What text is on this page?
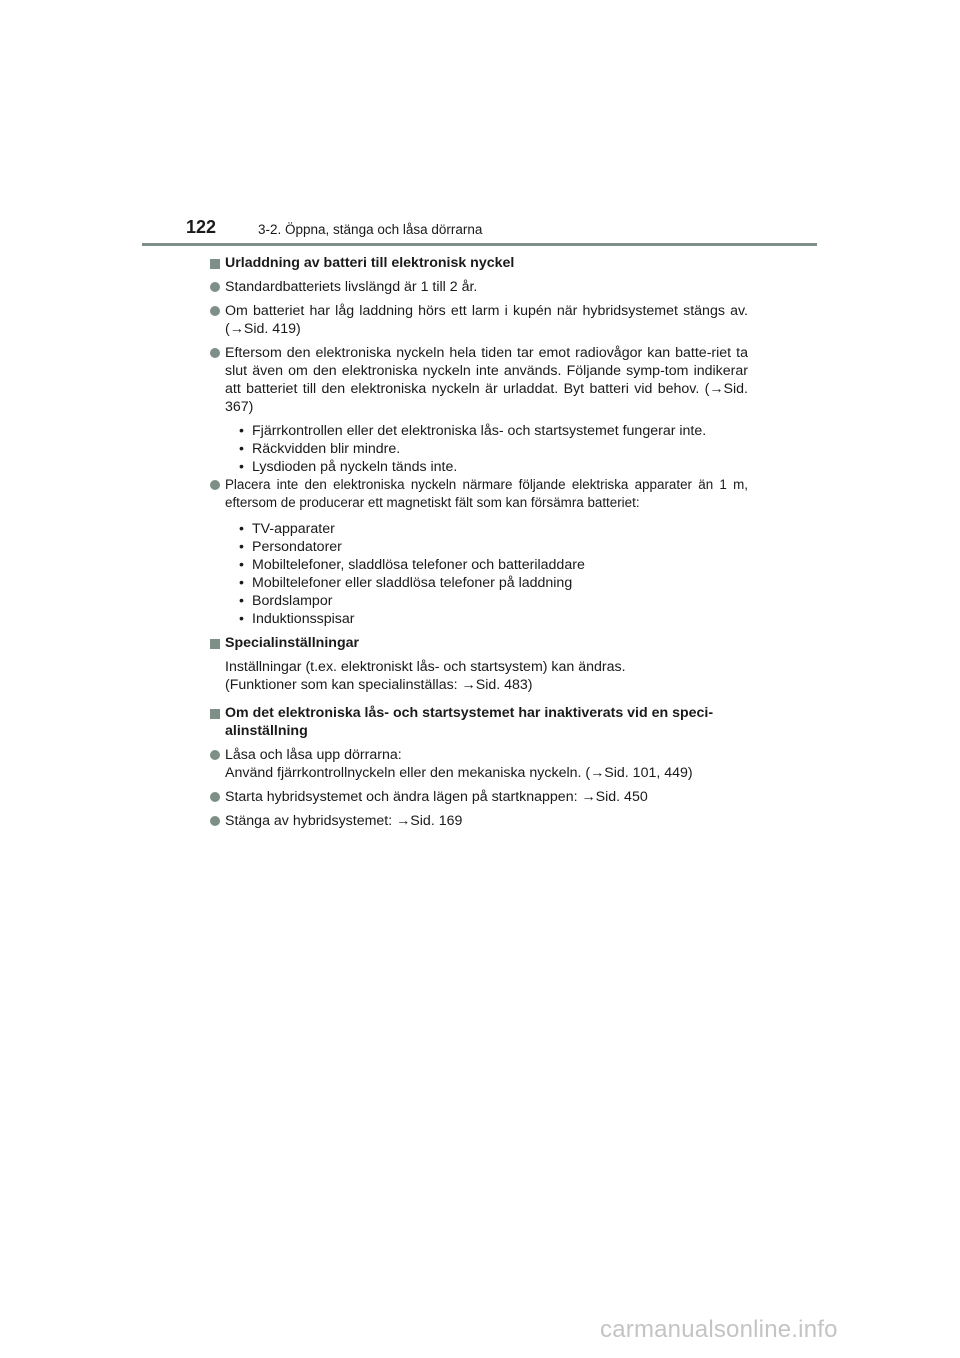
122	3-2. Öppna, stänga och låsa dörrarna
Urladdning av batteri till elektronisk nyckel
Standardbatteriets livslängd är 1 till 2 år.
Om batteriet har låg laddning hörs ett larm i kupén när hybridsystemet stängs av. (→Sid. 419)
Eftersom den elektroniska nyckeln hela tiden tar emot radiovågor kan batte-riet ta slut även om den elektroniska nyckeln inte används. Följande symp-tom indikerar att batteriet till den elektroniska nyckeln är urladdat. Byt batteri vid behov. (→Sid. 367)
• Fjärrkontrollen eller det elektroniska lås- och startsystemet fungerar inte.
• Räckvidden blir mindre.
• Lysdioden på nyckeln tänds inte.
Placera inte den elektroniska nyckeln närmare följande elektriska apparater än 1 m, eftersom de producerar ett magnetiskt fält som kan försämra batteriet:
• TV-apparater
• Persondatorer
• Mobiltelefoner, sladdlösa telefoner och batteriladdare
• Mobiltelefoner eller sladdlösa telefoner på laddning
• Bordslampor
• Induktionsspisar
Specialinställningar
Inställningar (t.ex. elektroniskt lås- och startsystem) kan ändras.
(Funktioner som kan specialinställas: →Sid. 483)
Om det elektroniska lås- och startsystemet har inaktiverats vid en speci-alinställning
Låsa och låsa upp dörrarna:
Använd fjärrkontrollnyckeln eller den mekaniska nyckeln. (→Sid. 101, 449)
Starta hybridsystemet och ändra lägen på startknappen: →Sid. 450
Stänga av hybridsystemet: →Sid. 169
carmanualsonline.info
